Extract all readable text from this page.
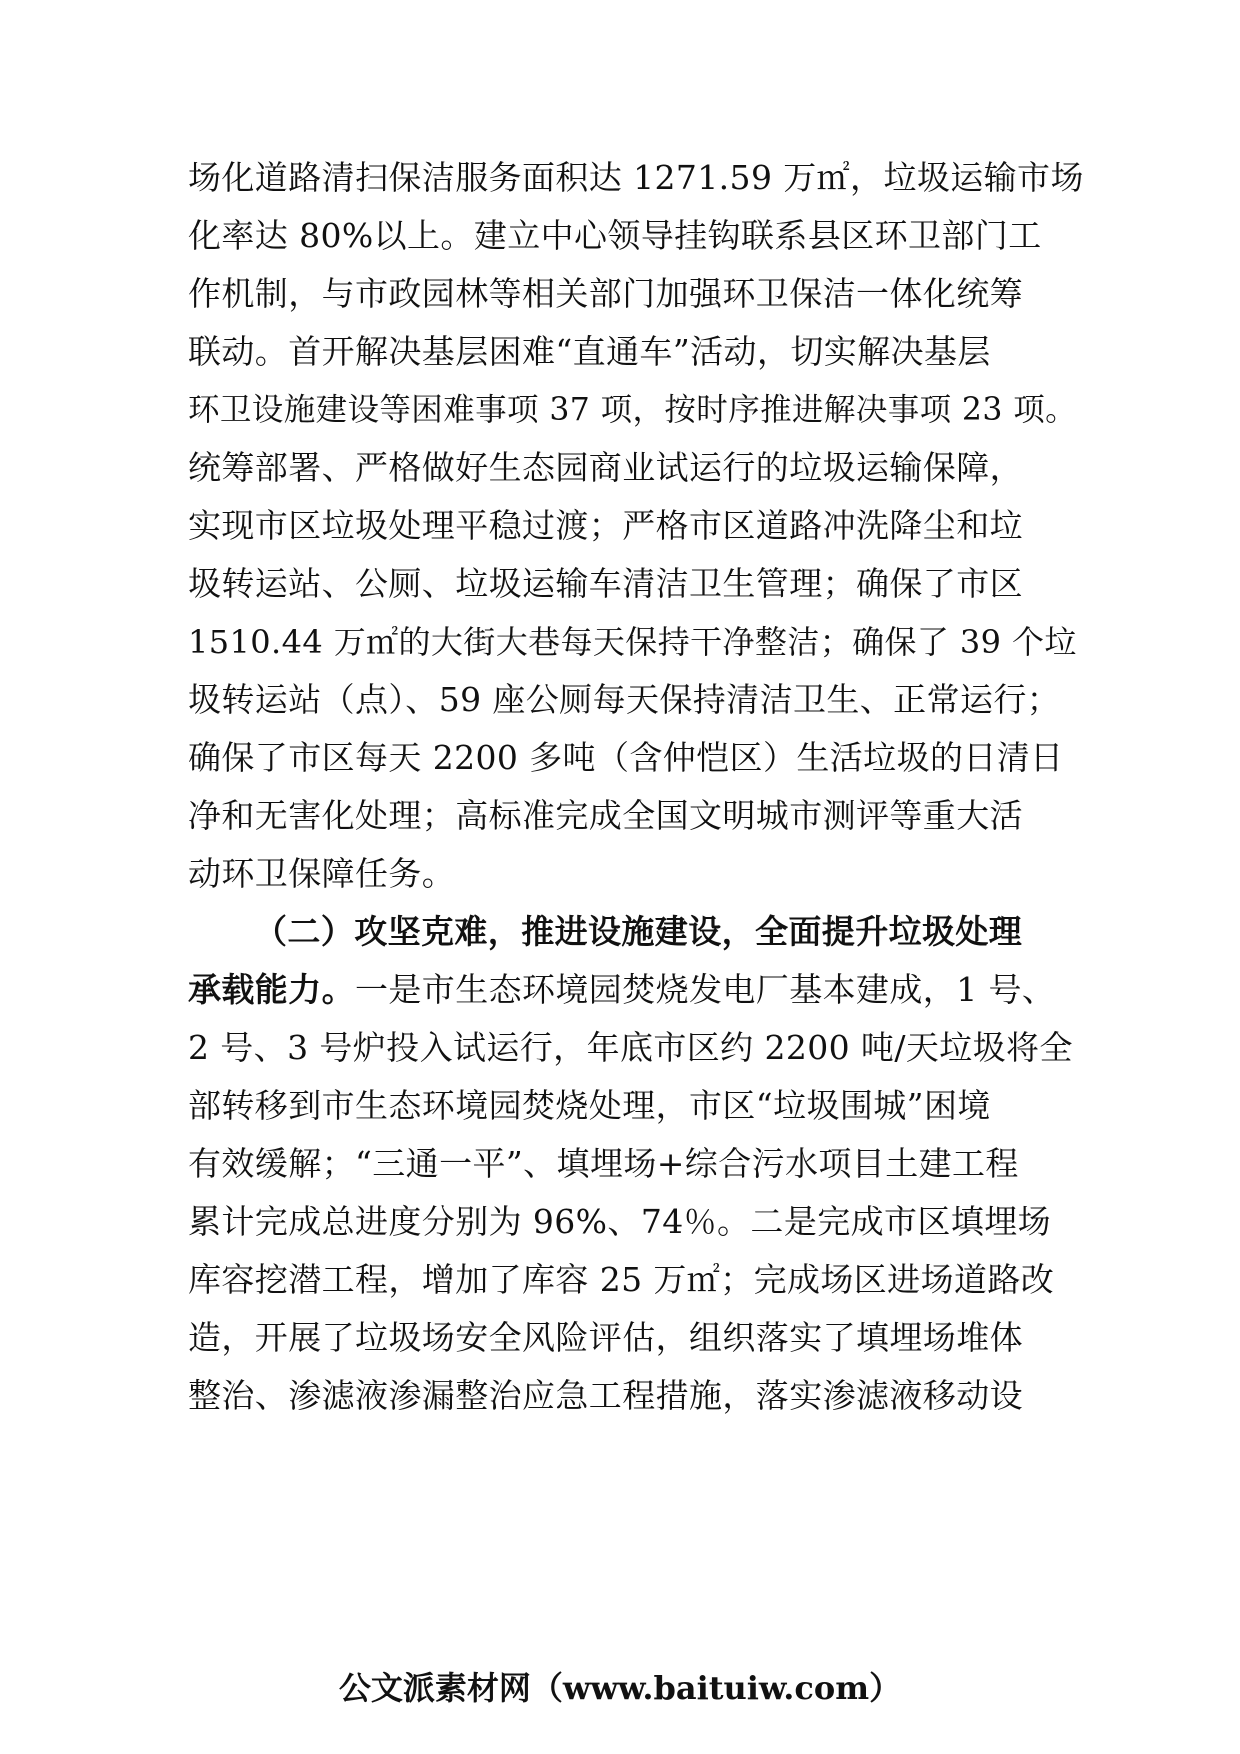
场化道路清扫保洁服务面积达 1271.59 万㎡，垃圾运输市场
化率达 80%以上。建立中心领导挂钩联系县区环卫部门工
作机制，与市政园林等相关部门加强环卫保洁一体化统筹
联动。首开解决基层困难“直通车”活动，切实解决基层
环卫设施建设等困难事项 37 项，按时序推进解决事项 23 项。
统筹部署、严格做好生态园商业试运行的垃圾运输保障，
实现市区垃圾处理平稳过渡；严格市区道路冲洗降尘和垃
圾转运站、公厕、垃圾运输车清洁卫生管理；确保了市区
1510.44 万㎡的大街大巷每天保持干净整洁；确保了 39 个垃
圾转运站（点）、59 座公厕每天保持清洁卫生、正常运行；
确保了市区每天 2200 多吨（含仲恺区）生活垃圾的日清日
净和无害化处理；高标准完成全国文明城市测评等重大活
动环卫保障任务。
（二）攻坚克难，推进设施建设，全面提升垃圾处理
承载能力。一是市生态环境园焚烧发电厂基本建成，1 号、
2 号、3 号炉投入试运行，年底市区约 2200 吨/天垃圾将全
部转移到市生态环境园焚烧处理，市区“垃圾围城”困境
有效缓解；“三通一平”、填埋场+综合污水项目土建工程
累计完成总进度分别为 96%、74％。二是完成市区填埋场
库容挖潜工程，增加了库容 25 万㎡；完成场区进场道路改
造，开展了垃圾场安全风险评估，组织落实了填埋场堆体
整治、渗滤液渗漏整治应急工程措施，落实渗滤液移动设
公文派素材网（www.baituiw.com）
